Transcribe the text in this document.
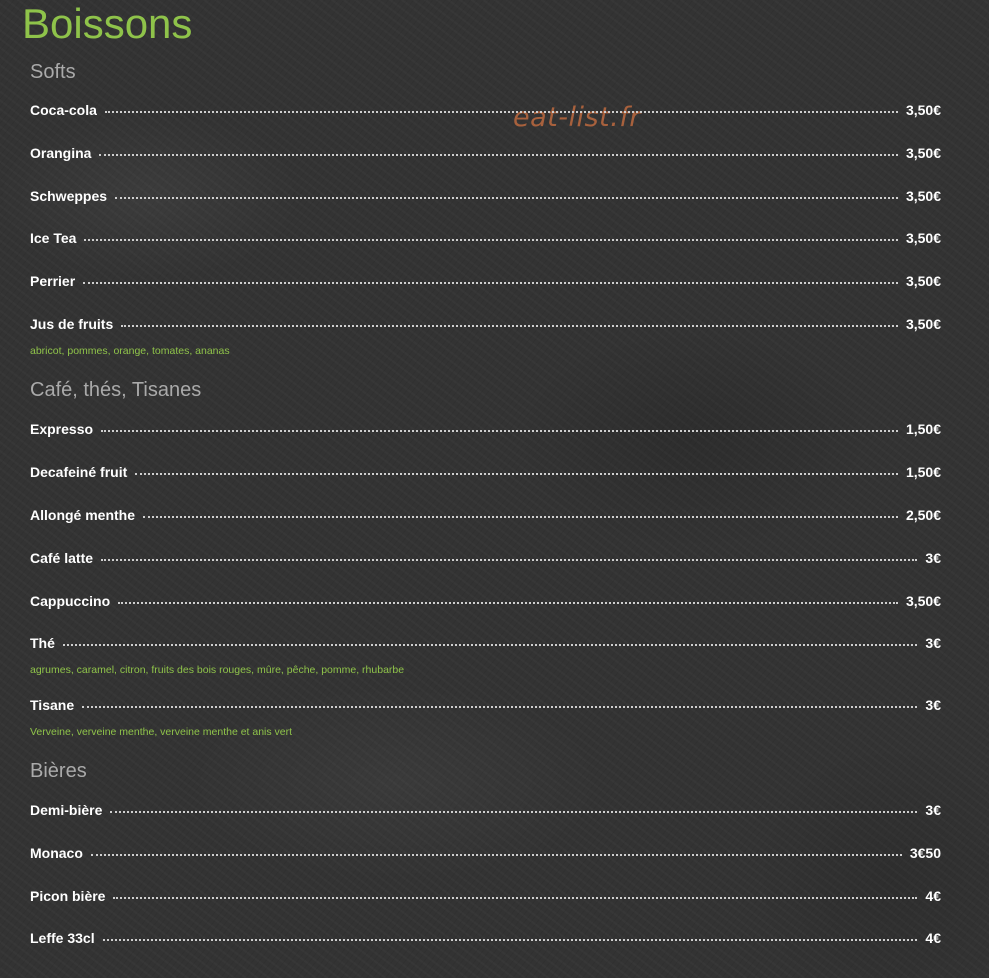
Boissons
eat-list.fr
Softs
Coca-cola	3,50€
Orangina	3,50€
Schweppes	3,50€
Ice Tea	3,50€
Perrier	3,50€
Jus de fruits	3,50€
abricot, pommes, orange, tomates, ananas
Café, thés, Tisanes
Expresso	1,50€
Decafeiné fruit	1,50€
Allongé menthe	2,50€
Café latte	3€
Cappuccino	3,50€
Thé	3€
agrumes, caramel, citron, fruits des bois rouges, mûre, pêche, pomme, rhubarbe
Tisane	3€
Verveine, verveine menthe, verveine menthe et anis vert
Bières
Demi-bière	3€
Monaco	3€50
Picon bière	4€
Leffe 33cl	4€
